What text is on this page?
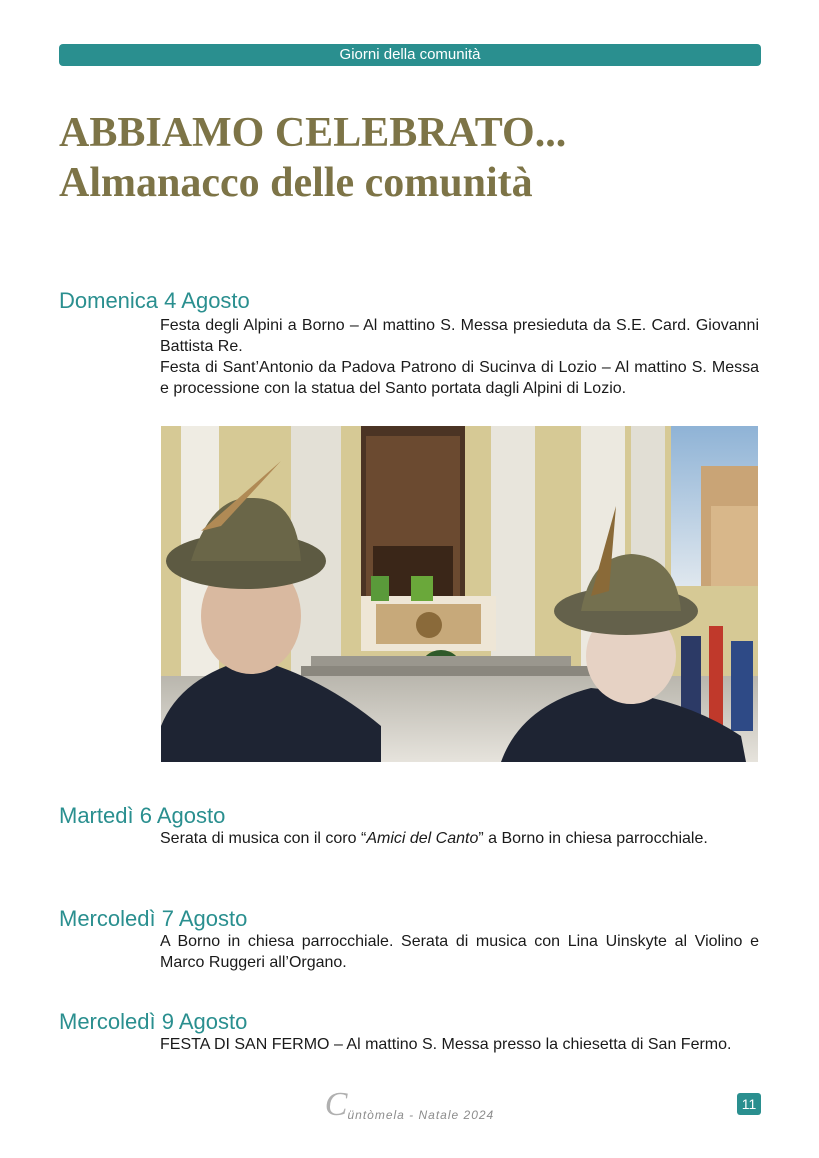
Giorni della comunità
ABBIAMO CELEBRATO...
Almanacco delle comunità
Domenica 4 Agosto

Festa degli Alpini a Borno – Al mattino S. Messa presieduta da S.E. Card. Giovanni Battista Re.

Festa di Sant’Antonio da Padova Patrono di Sucinva di Lozio – Al mattino S. Messa e processione con la statua del Santo portata dagli Alpini di Lozio.

Martedì 6 Agosto

Serata di musica con il coro “Amici del Canto” a Borno in chiesa parrocchiale.

Mercoledì 7 Agosto

A Borno in chiesa parrocchiale. Serata di musica con Lina Uinskyte al Violino e Marco Ruggeri all’Organo.

Mercoledì 9 Agosto

FESTA DI SAN FERMO – Al mattino S. Messa presso la chiesetta di San Fermo.

Cüntòmela - Natale 2024
11
